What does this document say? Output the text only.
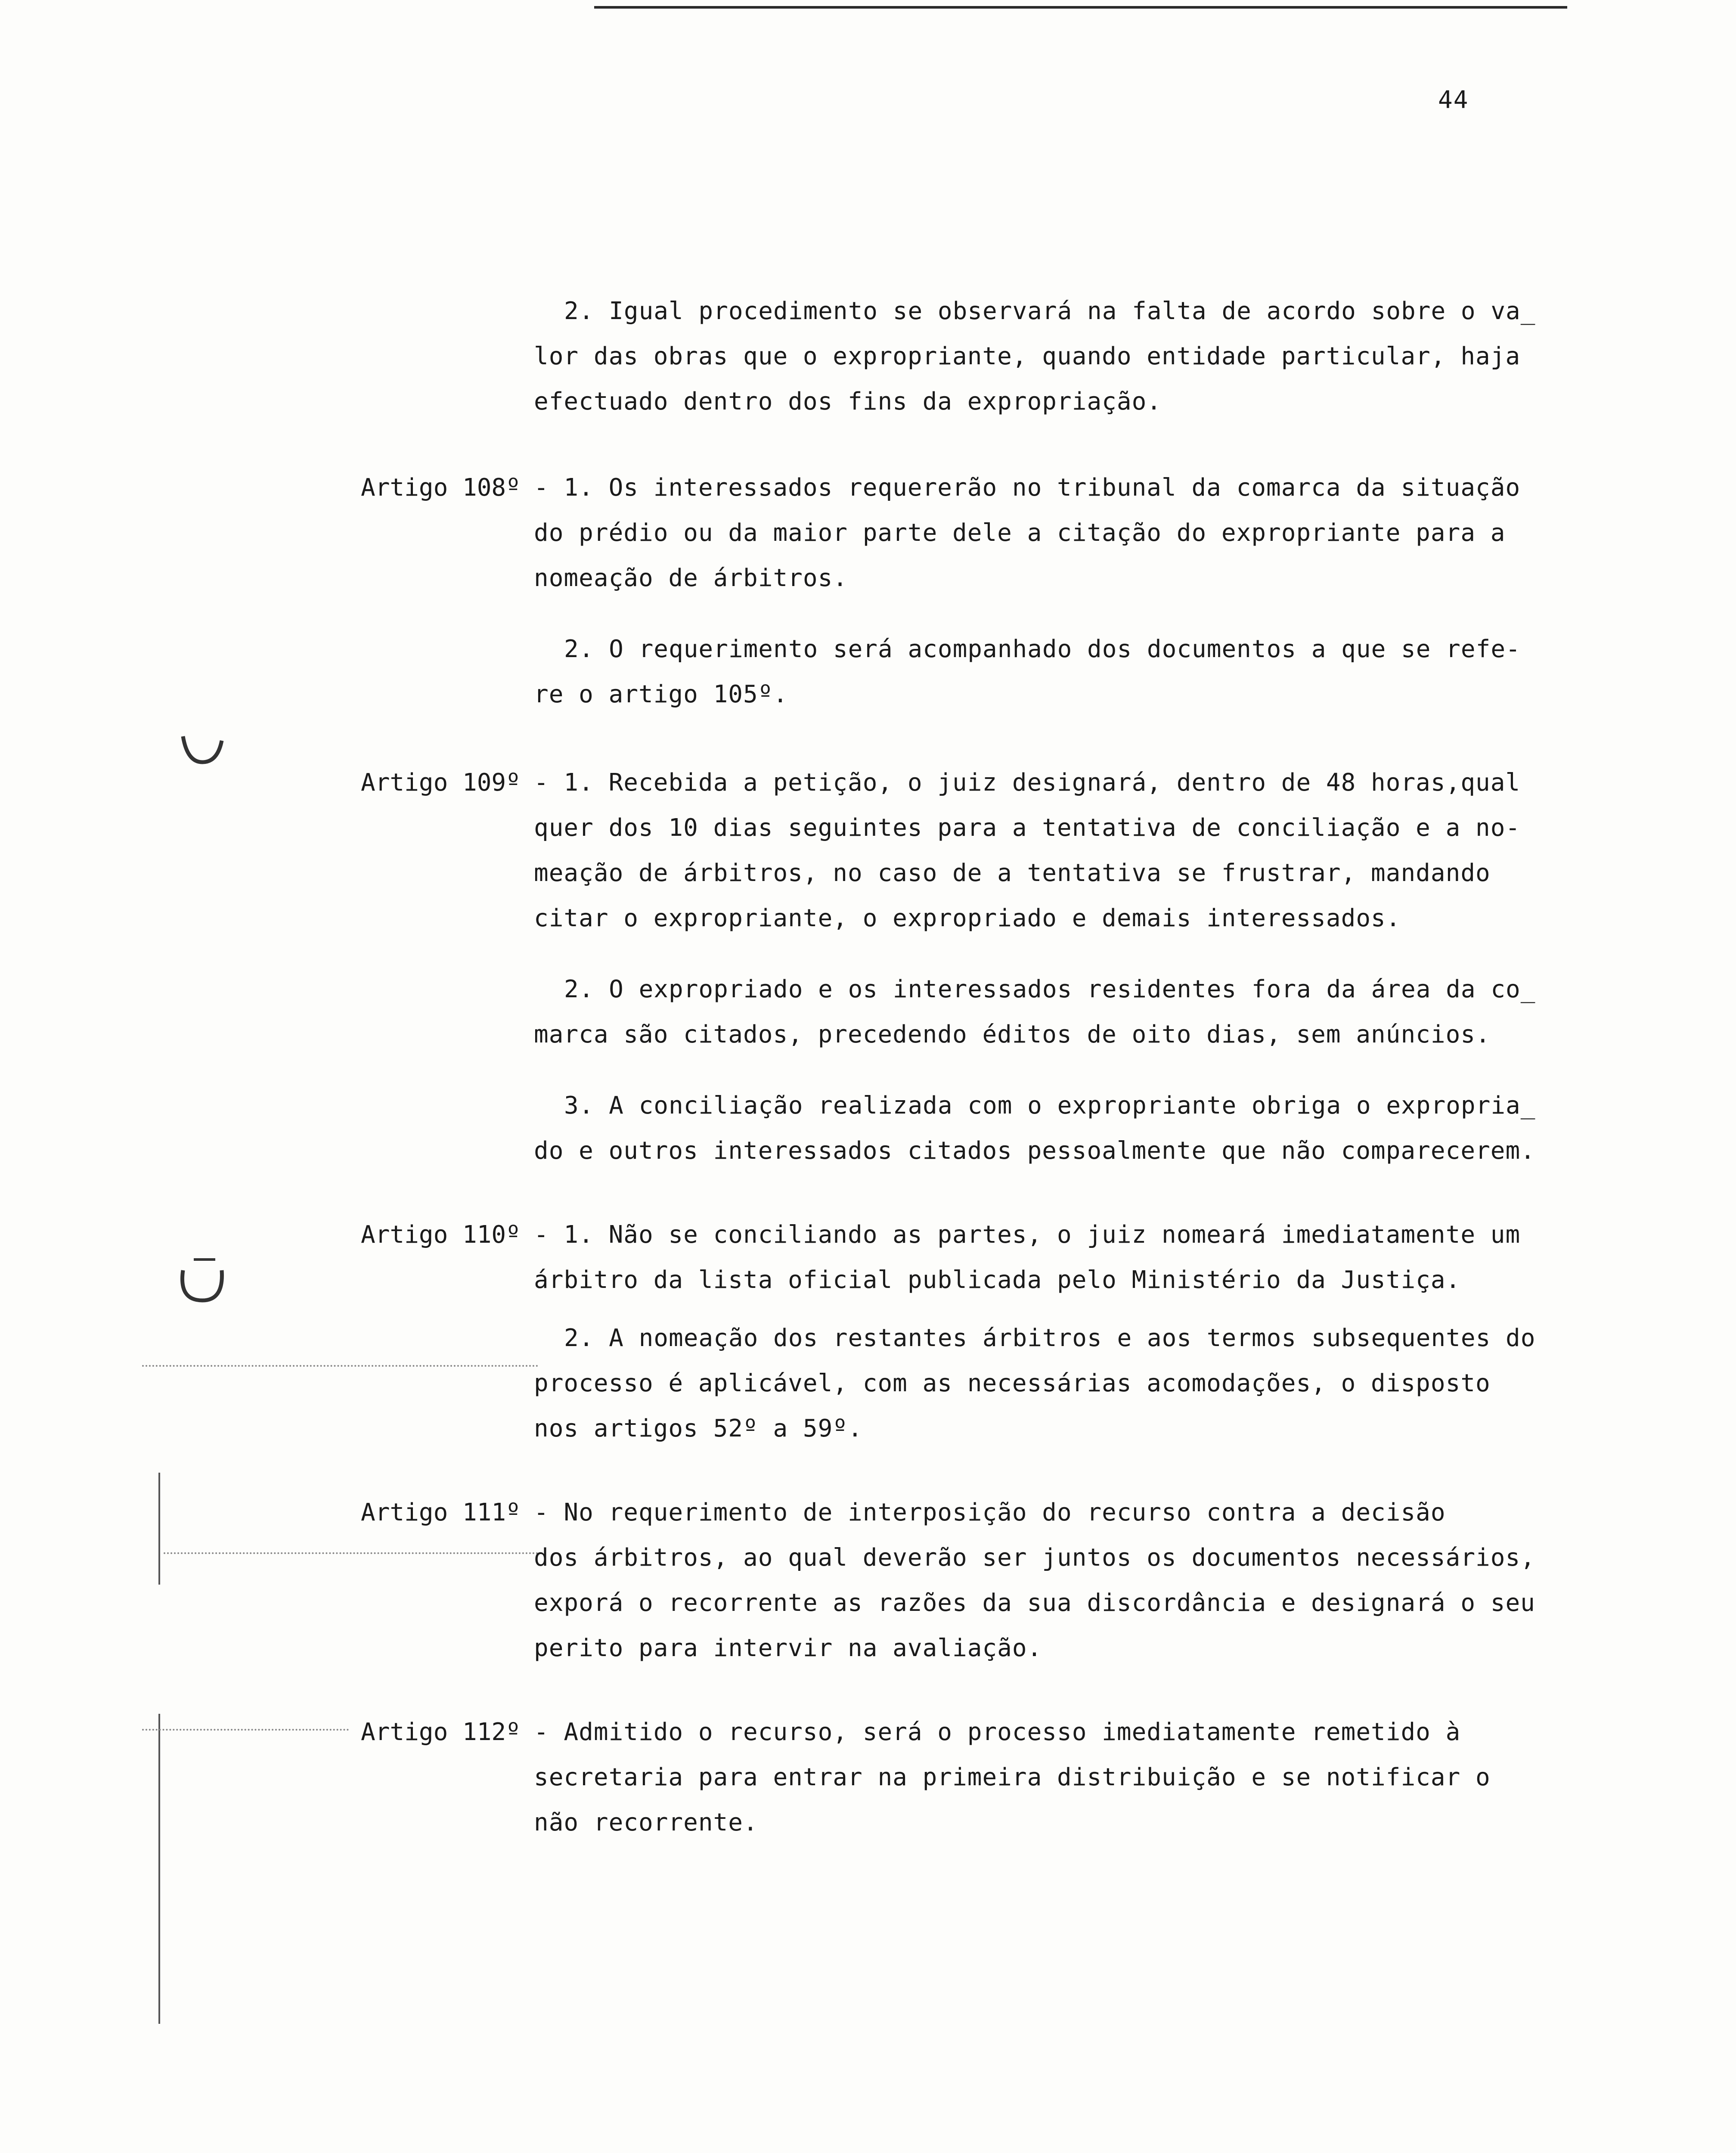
44
2. Igual procedimento se observará na falta de acordo sobre o va_
lor das obras que o expropriante, quando entidade particular, haja
efectuado dentro dos fins da expropriação.
Artigo 108º - 1. Os interessados requererão no tribunal da comarca da situação
do prédio ou da maior parte dele a citação do expropriante para a
nomeação de árbitros.
2. O requerimento será acompanhado dos documentos a que se refe-
re o artigo 105º.
Artigo 109º - 1. Recebida a petição, o juiz designará, dentro de 48 horas,qual
quer dos 10 dias seguintes para a tentativa de conciliação e a no-
meação de árbitros, no caso de a tentativa se frustrar, mandando
citar o expropriante, o expropriado e demais interessados.
2. O expropriado e os interessados residentes fora da área da co_
marca são citados, precedendo éditos de oito dias, sem anúncios.
3. A conciliação realizada com o expropriante obriga o expropria_
do e outros interessados citados pessoalmente que não comparecerem.
Artigo 110º - 1. Não se conciliando as partes, o juiz nomeará imediatamente um
árbitro da lista oficial publicada pelo Ministério da Justiça.
2. A nomeação dos restantes árbitros e aos termos subsequentes do
processo é aplicável, com as necessárias acomodações, o disposto
nos artigos 52º a 59º.
Artigo 111º - No requerimento de interposição do recurso contra a decisão
dos árbitros, ao qual deverão ser juntos os documentos necessários,
exporá o recorrente as razões da sua discordância e designará o seu
perito para intervir na avaliação.
Artigo 112º - Admitido o recurso, será o processo imediatamente remetido à
secretaria para entrar na primeira distribuição e se notificar o
não recorrente.
